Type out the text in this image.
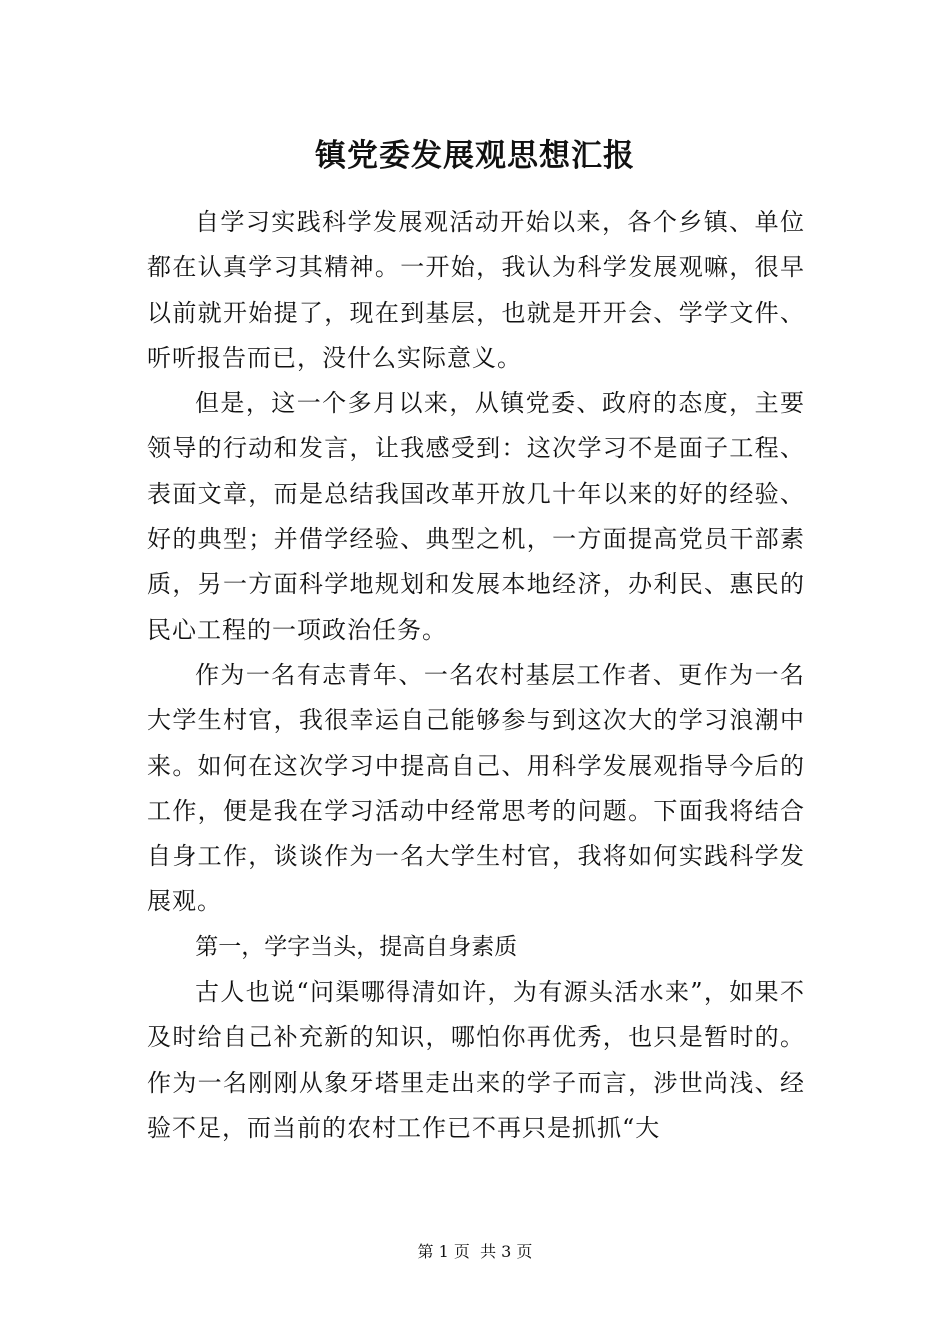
镇党委发展观思想汇报

自学习实践科学发展观活动开始以来，各个乡镇、单位都在认真学习其精神。一开始，我认为科学发展观嘛，很早以前就开始提了，现在到基层，也就是开开会、学学文件、听听报告而已，没什么实际意义。

但是，这一个多月以来，从镇党委、政府的态度，主要领导的行动和发言，让我感受到：这次学习不是面子工程、表面文章，而是总结我国改革开放几十年以来的好的经验、好的典型；并借学经验、典型之机，一方面提高党员干部素质，另一方面科学地规划和发展本地经济，办利民、惠民的民心工程的一项政治任务。

作为一名有志青年、一名农村基层工作者、更作为一名大学生村官，我很幸运自己能够参与到这次大的学习浪潮中来。如何在这次学习中提高自己、用科学发展观指导今后的工作，便是我在学习活动中经常思考的问题。下面我将结合自身工作，谈谈作为一名大学生村官，我将如何实践科学发展观。

第一，学字当头，提高自身素质

古人也说“问渠哪得清如许，为有源头活水来”，如果不及时给自己补充新的知识，哪怕你再优秀，也只是暂时的。作为一名刚刚从象牙塔里走出来的学子而言，涉世尚浅、经验不足，而当前的农村工作已不再只是抓抓“大

第 1 页  共 3 页
